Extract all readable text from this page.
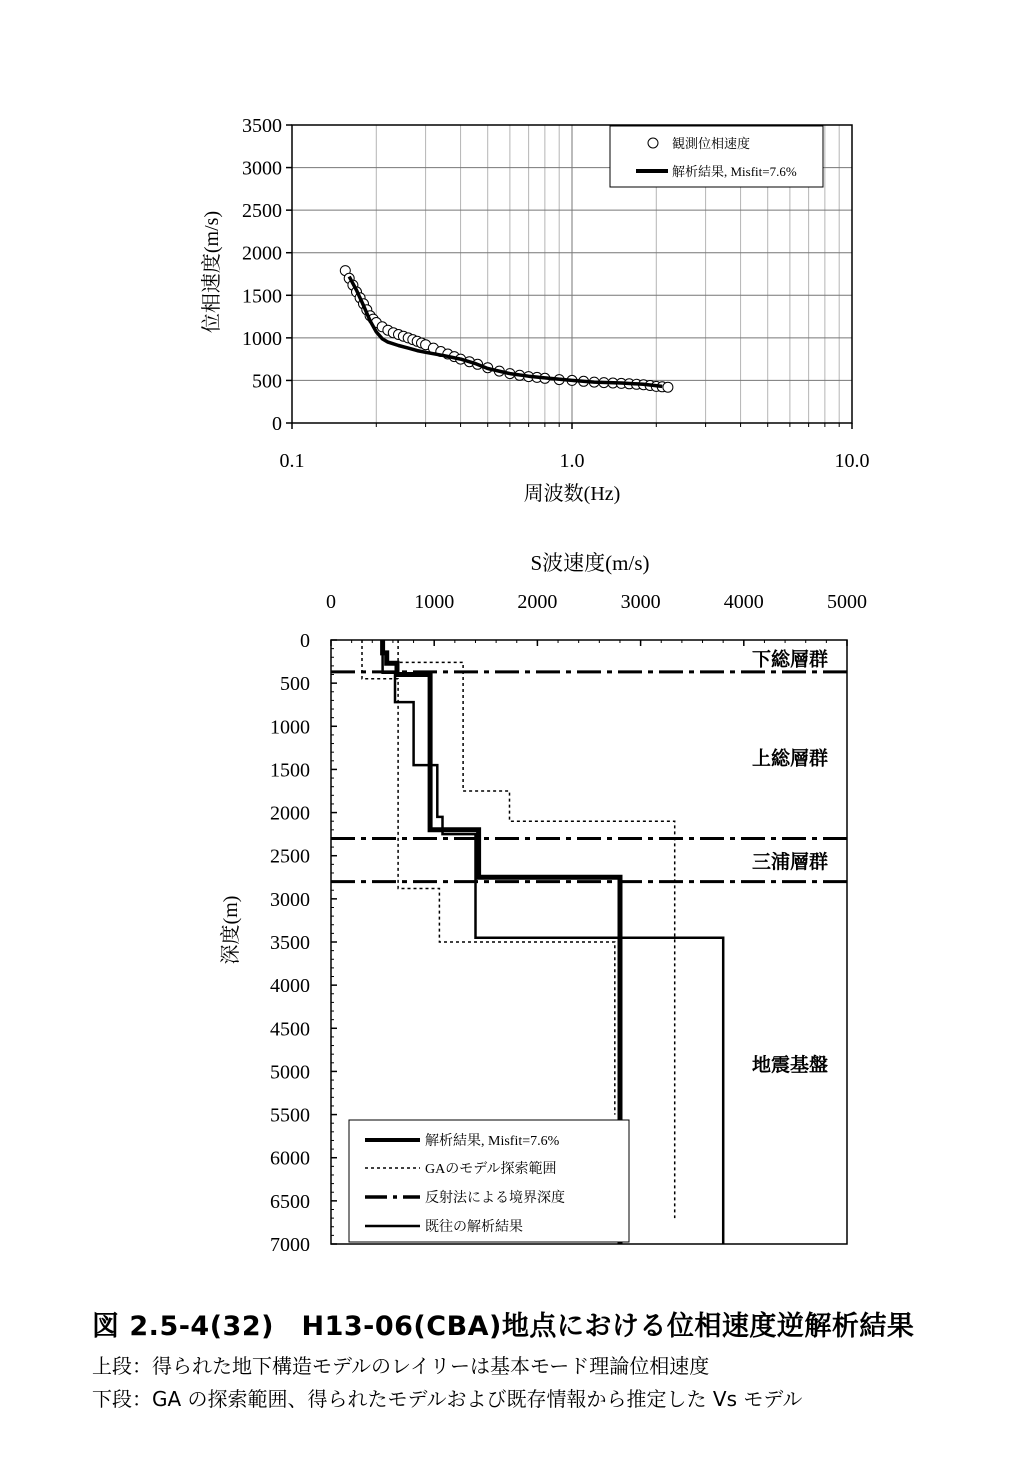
0
500
1000
1500
2000
2500
3000
3500
0.1	1.0	10.0
位相速度(m/s)
周波数(Hz)
観測位相速度
解析結果, Misfit=7.6%
S波速度(m/s)
0	1000	2000	3000	4000	5000
0
500
1000
1500
2000
2500
3000
3500
4000
4500
5000
5500
6000
6500
7000
深度(m)
下総層群
上総層群
三浦層群
地震基盤
解析結果, Misfit=7.6%
GAのモデル探索範囲
反射法による境界深度
既往の解析結果
図 2.5-4(32)　H13-06(CBA)地点における位相速度逆解析結果
上段：得られた地下構造モデルのレイリーは基本モード理論位相速度
下段：GA の探索範囲、得られたモデルおよび既存情報から推定した Vs モデル
